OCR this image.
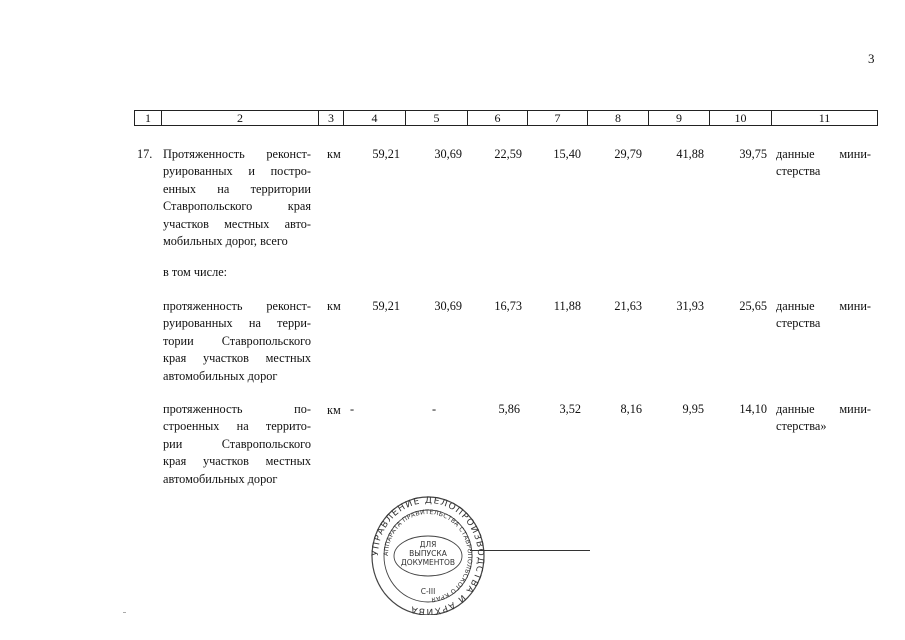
3
1	2	3	4	5	6	7	8	9	10	11
17. Протяженность реконст-
руированных и постро-
енных на территории
Ставропольского края
участков местных авто-
мобильных дорог, всего
км	59,21	30,69	22,59	15,40	29,79	41,88	39,75 данные мини-
стерства
в том числе:
протяженность реконст-
руированных на терри-
тории Ставропольского
края участков местных
автомобильных дорог
км	59,21	30,69	16,73	11,88	21,63	31,93	25,65 данные мини-
стерства
протяженность по-
строенных на террито-
рии Ставропольского
края участков местных
автомобильных дорог
км -	-	5,86	3,52	8,16	9,95	14,10 данные мини-
стерства»
УПРАВЛЕНИЕ ДЕЛОПРОИЗВОДСТВА И АРХИВА
АППАРАТА ПРАВИТЕЛЬСТВА СТАВРОПОЛЬСКОГО КРАЯ
ДЛЯ
ВЫПУСКА
ДОКУМЕНТОВ
С-III
